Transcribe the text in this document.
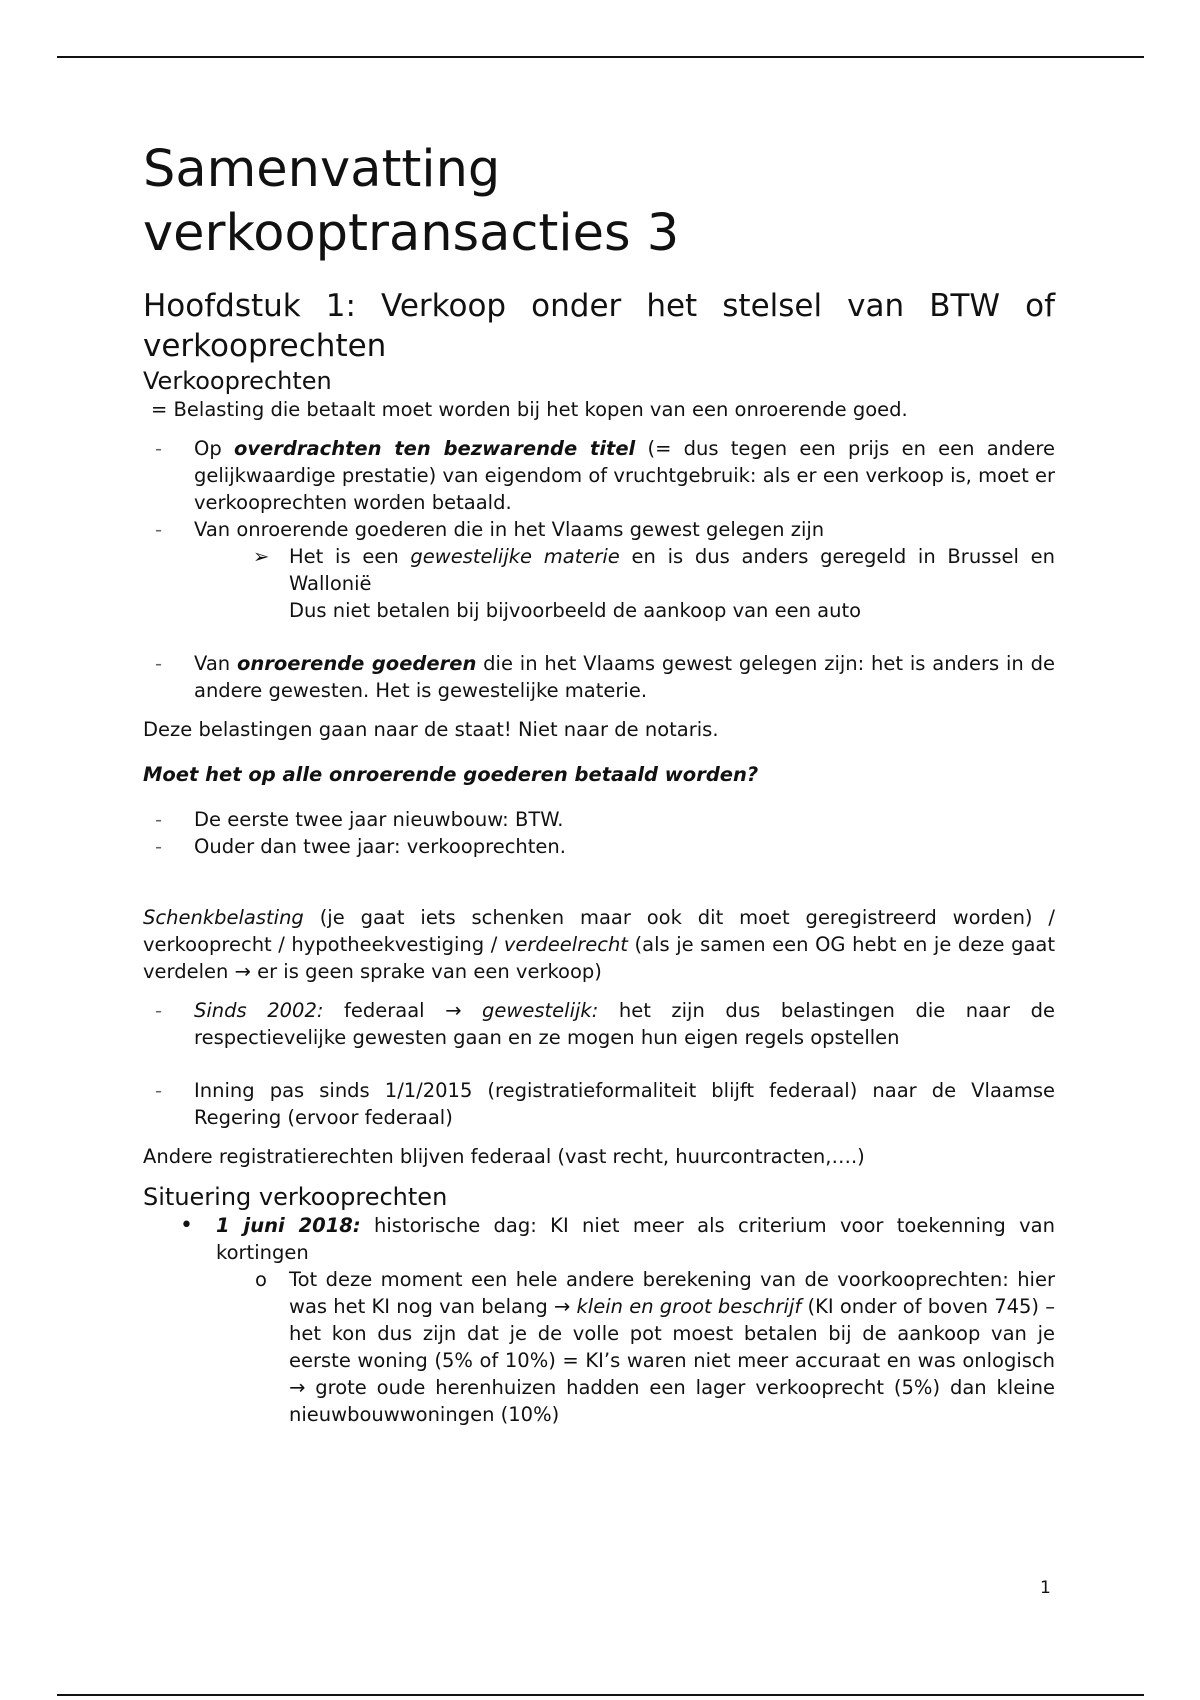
Samenvatting
verkooptransacties 3
Hoofdstuk 1: Verkoop onder het stelsel van BTW of verkooprechten
Verkooprechten

= Belasting die betaalt moet worden bij het kopen van een onroerende goed.

- Op overdrachten ten bezwarende titel (= dus tegen een prijs en een andere gelijkwaardige prestatie) van eigendom of vruchtgebruik: als er een verkoop is, moet er verkooprechten worden betaald.
- Van onroerende goederen die in het Vlaams gewest gelegen zijn
➢ Het is een gewestelijke materie en is dus anders geregeld in Brussel en Wallonië
Dus niet betalen bij bijvoorbeeld de aankoop van een auto
- Van onroerende goederen die in het Vlaams gewest gelegen zijn: het is anders in de andere gewesten. Het is gewestelijke materie.

Deze belastingen gaan naar de staat! Niet naar de notaris.

Moet het op alle onroerende goederen betaald worden?

- De eerste twee jaar nieuwbouw: BTW.
- Ouder dan twee jaar: verkooprechten.

Schenkbelasting (je gaat iets schenken maar ook dit moet geregistreerd worden) / verkooprecht / hypotheekvestiging / verdeelrecht (als je samen een OG hebt en je deze gaat verdelen → er is geen sprake van een verkoop)

- Sinds 2002: federaal → gewestelijk: het zijn dus belastingen die naar de respectievelijke gewesten gaan en ze mogen hun eigen regels opstellen
- Inning pas sinds 1/1/2015 (registratieformaliteit blijft federaal) naar de Vlaamse Regering (ervoor federaal)

Andere registratierechten blijven federaal (vast recht, huurcontracten,….)

Situering verkooprechten
• 1 juni 2018: historische dag: KI niet meer als criterium voor toekenning van kortingen
o Tot deze moment een hele andere berekening van de voorkooprechten: hier was het KI nog van belang → klein en groot beschrijf (KI onder of boven 745) – het kon dus zijn dat je de volle pot moest betalen bij de aankoop van je eerste woning (5% of 10%) = KI’s waren niet meer accuraat en was onlogisch → grote oude herenhuizen hadden een lager verkooprecht (5%) dan kleine nieuwbouwwoningen (10%)
1
